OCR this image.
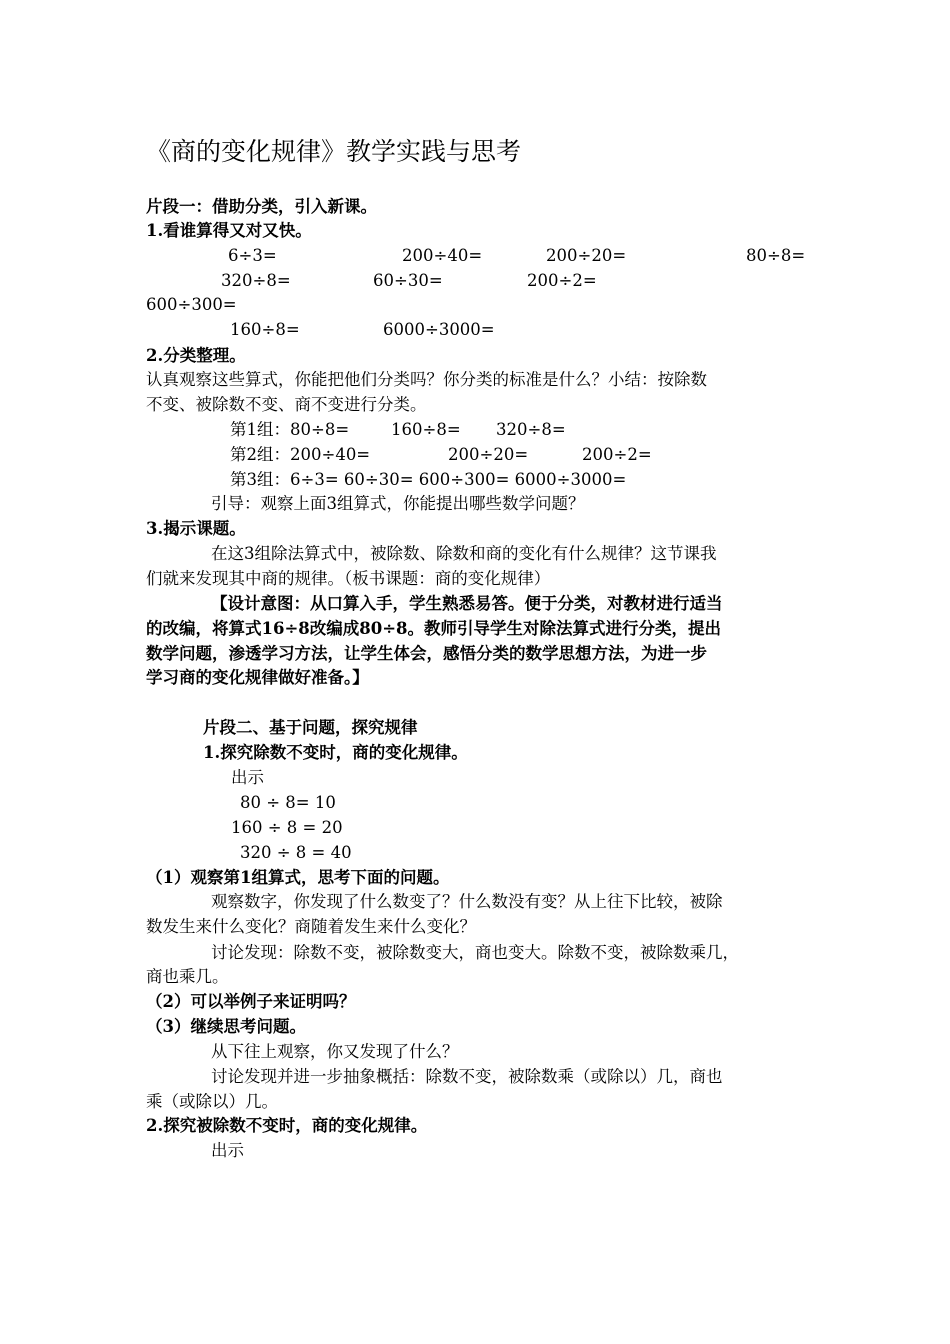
《商的变化规律》教学实践与思考
片段一：借助分类，引入新课。
1.看谁算得又对又快。
6÷3=	200÷40=	200÷20=	80÷8=
320÷8=	60÷30=	200÷2=
600÷300=
160÷8=	6000÷3000=
2.分类整理。
认真观察这些算式，你能把他们分类吗？你分类的标准是什么？小结：按除数
不变、被除数不变、商不变进行分类。
第1组：80÷8=	160÷8= 320÷8=
第2组：200÷40=	200÷20=	200÷2=
第3组：6÷3= 60÷30= 600÷300= 6000÷3000=
引导：观察上面3组算式，你能提出哪些数学问题？
3.揭示课题。
在这3组除法算式中，被除数、除数和商的变化有什么规律？这节课我
们就来发现其中商的规律。（板书课题：商的变化规律）
【设计意图：从口算入手，学生熟悉易答。便于分类，对教材进行适当
的改编，将算式16÷8改编成80÷8。教师引导学生对除法算式进行分类，提出
数学问题，渗透学习方法，让学生体会，感悟分类的数学思想方法，为进一步
学习商的变化规律做好准备。】
片段二、基于问题，探究规律
1.探究除数不变时，商的变化规律。
出示
80 ÷ 8= 10
160 ÷ 8 = 20
320 ÷ 8 = 40
（1）观察第1组算式，思考下面的问题。
观察数字，你发现了什么数变了？什么数没有变？从上往下比较，被除
数发生来什么变化？商随着发生来什么变化？
讨论发现：除数不变，被除数变大，商也变大。除数不变，被除数乘几，
商也乘几。
（2）可以举例子来证明吗？
（3）继续思考问题。
从下往上观察，你又发现了什么？
讨论发现并进一步抽象概括：除数不变，被除数乘（或除以）几，商也
乘（或除以）几。
2.探究被除数不变时，商的变化规律。
出示
